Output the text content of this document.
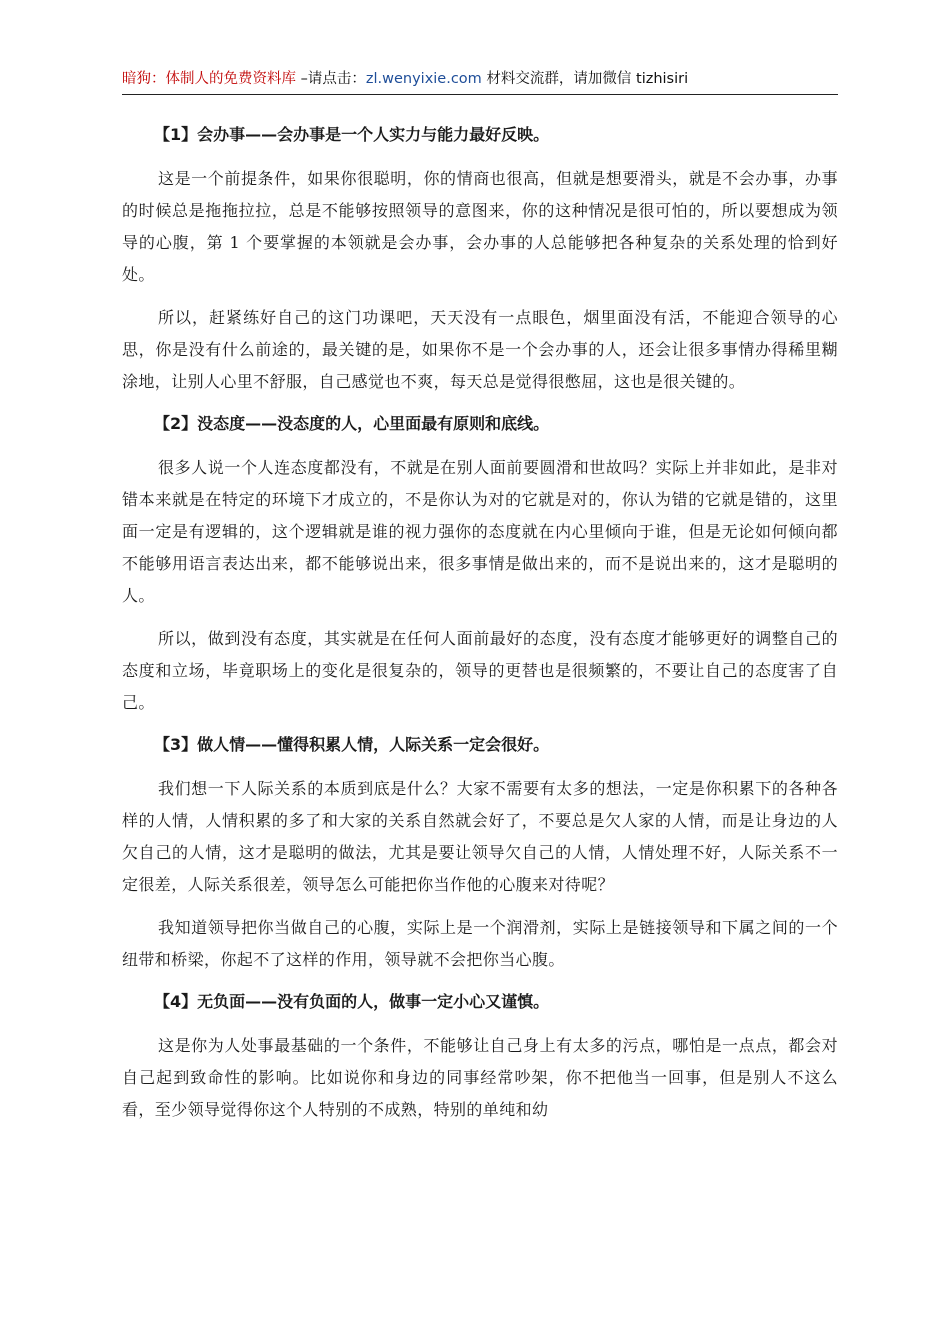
暗狗：体制人的免费资料库 –请点击：zl.wenyixie.com 材料交流群，请加微信 tizhisiri
【1】会办事——会办事是一个人实力与能力最好反映。

这是一个前提条件，如果你很聪明，你的情商也很高，但就是想要滑头，就是不会办事，办事的时候总是拖拖拉拉，总是不能够按照领导的意图来，你的这种情况是很可怕的，所以要想成为领导的心腹，第 1 个要掌握的本领就是会办事，会办事的人总能够把各种复杂的关系处理的恰到好处。

所以，赶紧练好自己的这门功课吧，天天没有一点眼色，烟里面没有活，不能迎合领导的心思，你是没有什么前途的，最关键的是，如果你不是一个会办事的人，还会让很多事情办得稀里糊涂地，让别人心里不舒服，自己感觉也不爽，每天总是觉得很憋屈，这也是很关键的。

【2】没态度——没态度的人，心里面最有原则和底线。

很多人说一个人连态度都没有，不就是在别人面前要圆滑和世故吗？实际上并非如此，是非对错本来就是在特定的环境下才成立的，不是你认为对的它就是对的，你认为错的它就是错的，这里面一定是有逻辑的，这个逻辑就是谁的视力强你的态度就在内心里倾向于谁，但是无论如何倾向都不能够用语言表达出来，都不能够说出来，很多事情是做出来的，而不是说出来的，这才是聪明的人。

所以，做到没有态度，其实就是在任何人面前最好的态度，没有态度才能够更好的调整自己的态度和立场，毕竟职场上的变化是很复杂的，领导的更替也是很频繁的，不要让自己的态度害了自己。

【3】做人情——懂得积累人情，人际关系一定会很好。

我们想一下人际关系的本质到底是什么？大家不需要有太多的想法，一定是你积累下的各种各样的人情，人情积累的多了和大家的关系自然就会好了，不要总是欠人家的人情，而是让身边的人欠自己的人情，这才是聪明的做法，尤其是要让领导欠自己的人情，人情处理不好，人际关系不一定很差，人际关系很差，领导怎么可能把你当作他的心腹来对待呢？

我知道领导把你当做自己的心腹，实际上是一个润滑剂，实际上是链接领导和下属之间的一个纽带和桥梁，你起不了这样的作用，领导就不会把你当心腹。

【4】无负面——没有负面的人，做事一定小心又谨慎。

这是你为人处事最基础的一个条件，不能够让自己身上有太多的污点，哪怕是一点点，都会对自己起到致命性的影响。比如说你和身边的同事经常吵架，你不把他当一回事，但是别人不这么看，至少领导觉得你这个人特别的不成熟，特别的单纯和幼
